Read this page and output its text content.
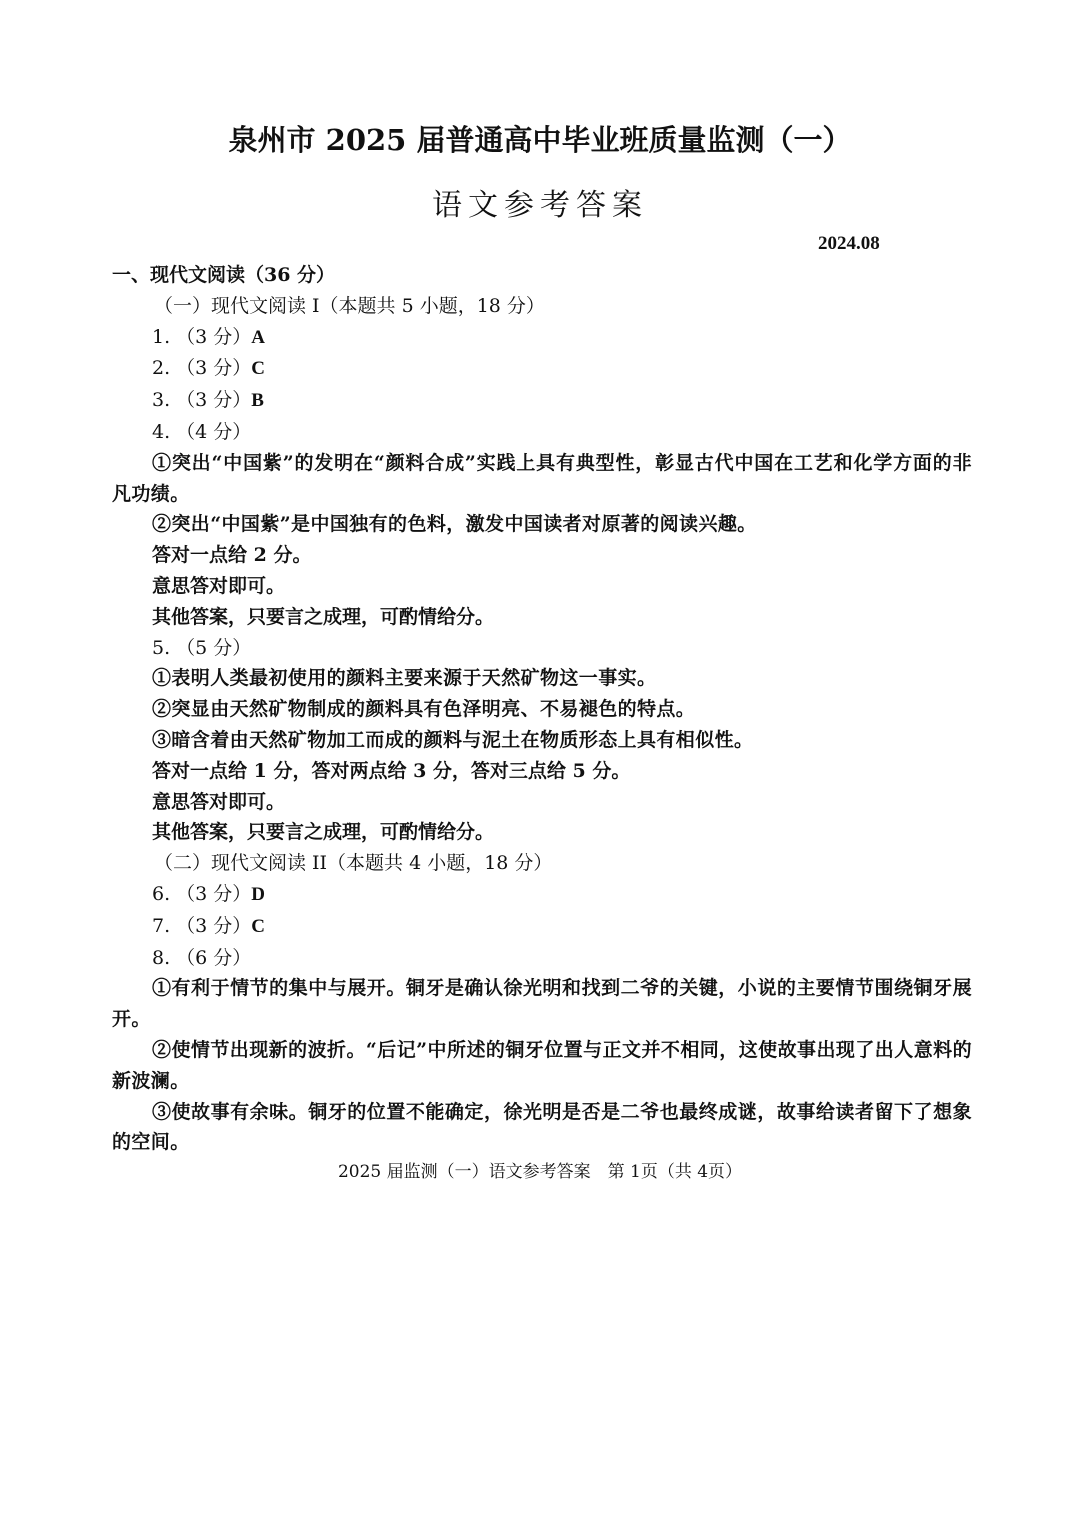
泉州市 2025 届普通高中毕业班质量监测（一）
语文参考答案
2024.08
一、现代文阅读（36 分）
（一）现代文阅读 I（本题共 5 小题，18 分）
1. （3 分）A
2. （3 分）C
3. （3 分）B
4. （4 分）
①突出“中国紫”的发明在“颜料合成”实践上具有典型性，彰显古代中国在工艺和化学方面的非凡功绩。
②突出“中国紫”是中国独有的色料，激发中国读者对原著的阅读兴趣。
答对一点给 2 分。
意思答对即可。
其他答案，只要言之成理，可酌情给分。
5. （5 分）
①表明人类最初使用的颜料主要来源于天然矿物这一事实。
②突显由天然矿物制成的颜料具有色泽明亮、不易褪色的特点。
③暗含着由天然矿物加工而成的颜料与泥土在物质形态上具有相似性。
答对一点给 1 分，答对两点给 3 分，答对三点给 5 分。
意思答对即可。
其他答案，只要言之成理，可酌情给分。
（二）现代文阅读 II（本题共 4 小题，18 分）
6. （3 分）D
7. （3 分）C
8. （6 分）
①有利于情节的集中与展开。铜牙是确认徐光明和找到二爷的关键，小说的主要情节围绕铜牙展开。
②使情节出现新的波折。“后记”中所述的铜牙位置与正文并不相同，这使故事出现了出人意料的新波澜。
③使故事有余味。铜牙的位置不能确定，徐光明是否是二爷也最终成谜，故事给读者留下了想象的空间。
2025 届监测（一）语文参考答案　第 1页（共 4页）
